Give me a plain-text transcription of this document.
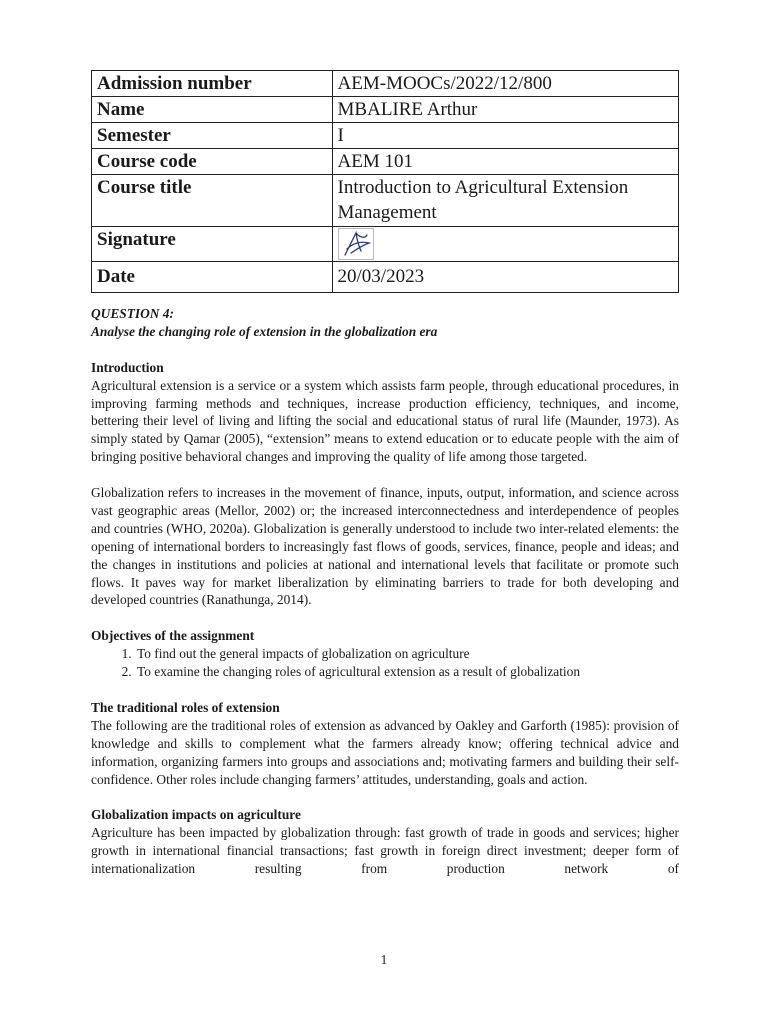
Admission number	AEM-MOOCs/2022/12/800
Name	MBALIRE Arthur
Semester	I
Course code	AEM 101
Course title	Introduction to Agricultural Extension Management
Signature	
Date	20/03/2023

QUESTION 4:

Analyse the changing role of extension in the globalization era

Introduction

Agricultural extension is a service or a system which assists farm people, through educational procedures, in improving farming methods and techniques, increase production efficiency, techniques, and income, bettering their level of living and lifting the social and educational status of rural life (Maunder, 1973). As simply stated by Qamar (2005), “extension” means to extend education or to educate people with the aim of bringing positive behavioral changes and improving the quality of life among those targeted.

Globalization refers to increases in the movement of finance, inputs, output, information, and science across vast geographic areas (Mellor, 2002) or; the increased interconnectedness and interdependence of peoples and countries (WHO, 2020a). Globalization is generally understood to include two inter-related elements: the opening of international borders to increasingly fast flows of goods, services, finance, people and ideas; and the changes in institutions and policies at national and international levels that facilitate or promote such flows. It paves way for market liberalization by eliminating barriers to trade for both developing and developed countries (Ranathunga, 2014).

Objectives of the assignment

1. To find out the general impacts of globalization on agriculture
2. To examine the changing roles of agricultural extension as a result of globalization

The traditional roles of extension

The following are the traditional roles of extension as advanced by Oakley and Garforth (1985): provision of knowledge and skills to complement what the farmers already know; offering technical advice and information, organizing farmers into groups and associations and; motivating farmers and building their self-confidence. Other roles include changing farmers’ attitudes, understanding, goals and action.

Globalization impacts on agriculture

Agriculture has been impacted by globalization through: fast growth of trade in goods and services; higher growth in international financial transactions; fast growth in foreign direct investment; deeper form of internationalization resulting from production network of

1
